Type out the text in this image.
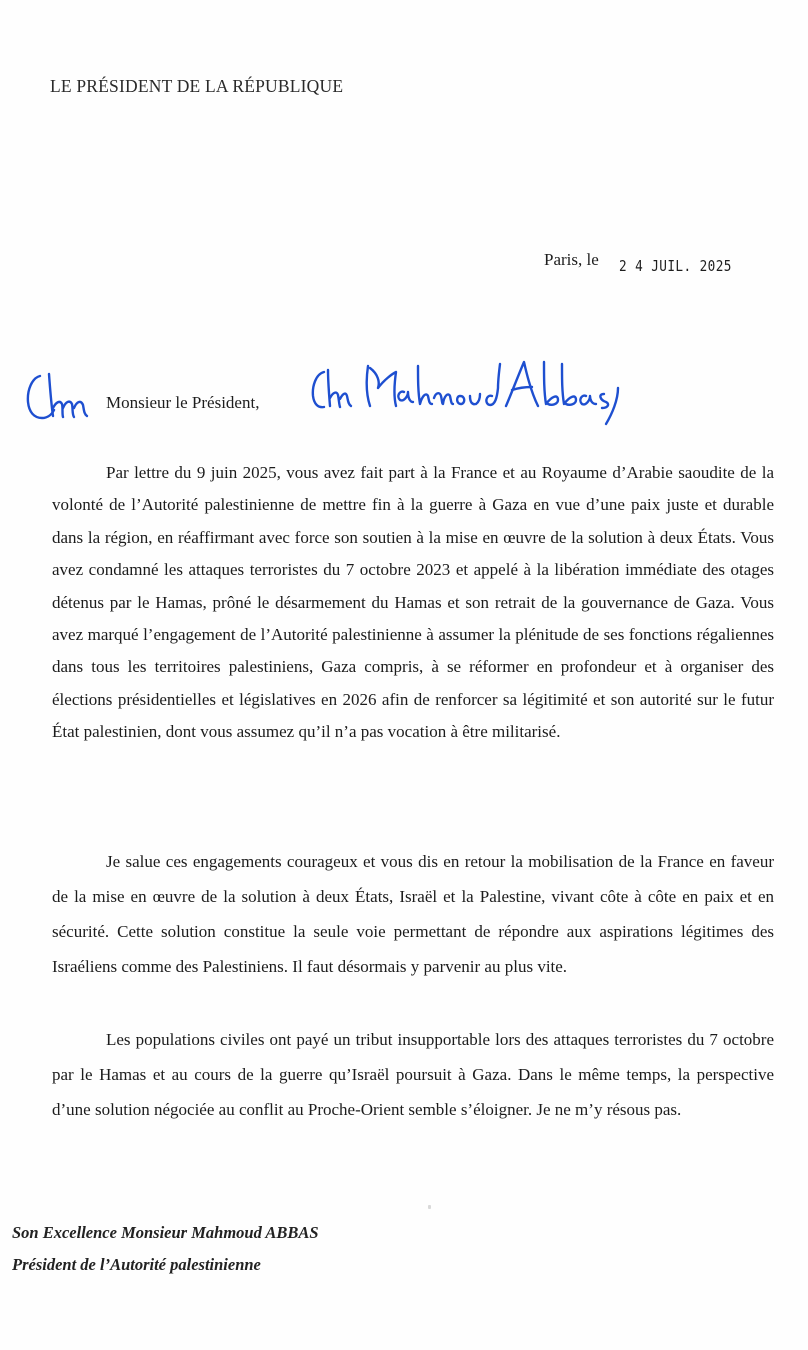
LE PRÉSIDENT DE LA RÉPUBLIQUE
Paris, le 2 4 JUIL. 2025
Monsieur le Président,

Par lettre du 9 juin 2025, vous avez fait part à la France et au Royaume d’Arabie saoudite de la volonté de l’Autorité palestinienne de mettre fin à la guerre à Gaza en vue d’une paix juste et durable dans la région, en réaffirmant avec force son soutien à la mise en œuvre de la solution à deux États. Vous avez condamné les attaques terroristes du 7 octobre 2023 et appelé à la libération immédiate des otages détenus par le Hamas, prôné le désarmement du Hamas et son retrait de la gouvernance de Gaza. Vous avez marqué l’engagement de l’Autorité palestinienne à assumer la plénitude de ses fonctions régaliennes dans tous les territoires palestiniens, Gaza compris, à se réformer en profondeur et à organiser des élections présidentielles et législatives en 2026 afin de renforcer sa légitimité et son autorité sur le futur État palestinien, dont vous assumez qu’il n’a pas vocation à être militarisé.

Je salue ces engagements courageux et vous dis en retour la mobilisation de la France en faveur de la mise en œuvre de la solution à deux États, Israël et la Palestine, vivant côte à côte en paix et en sécurité. Cette solution constitue la seule voie permettant de répondre aux aspirations légitimes des Israéliens comme des Palestiniens. Il faut désormais y parvenir au plus vite.

Les populations civiles ont payé un tribut insupportable lors des attaques terroristes du 7 octobre par le Hamas et au cours de la guerre qu’Israël poursuit à Gaza. Dans le même temps, la perspective d’une solution négociée au conflit au Proche-Orient semble s’éloigner. Je ne m’y résous pas.

Son Excellence Monsieur Mahmoud ABBAS
Président de l’Autorité palestinienne
